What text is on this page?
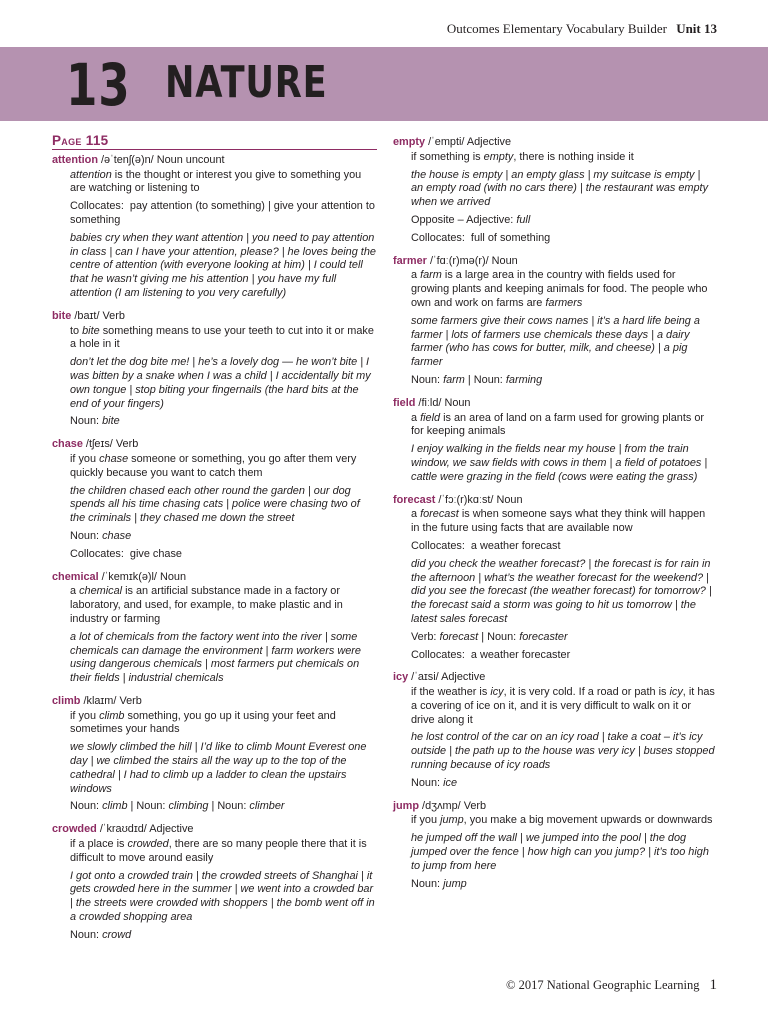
Outcomes Elementary Vocabulary Builder Unit 13
13 NATURE
Page 115
attention /əˈtenʃ(ə)n/ Noun uncount
attention is the thought or interest you give to something you are watching or listening to
Collocates:  pay attention (to something) | give your attention to something
babies cry when they want attention | you need to pay attention in class | can I have your attention, please? | he loves being the centre of attention (with everyone looking at him) | I could tell that he wasn’t giving me his attention | you have my full attention (I am listening to you very carefully)
bite /baɪt/ Verb
to bite something means to use your teeth to cut into it or make a hole in it
don’t let the dog bite me! | he’s a lovely dog — he won’t bite | I was bitten by a snake when I was a child | I accidentally bit my own tongue | stop biting your fingernails (the hard bits at the end of your fingers)
Noun: bite
chase /tʃeɪs/ Verb
if you chase someone or something, you go after them very quickly because you want to catch them
the children chased each other round the garden | our dog spends all his time chasing cats | police were chasing two of the criminals | they chased me down the street
Noun: chase
Collocates:  give chase
chemical /ˈkemɪk(ə)l/ Noun
a chemical is an artificial substance made in a factory or laboratory, and used, for example, to make plastic and in industry or farming
a lot of chemicals from the factory went into the river | some chemicals can damage the environment | farm workers were using dangerous chemicals | most farmers put chemicals on their fields | industrial chemicals
climb /klaɪm/ Verb
if you climb something, you go up it using your feet and sometimes your hands
we slowly climbed the hill | I’d like to climb Mount Everest one day | we climbed the stairs all the way up to the top of the cathedral | I had to climb up a ladder to clean the upstairs windows
Noun: climb | Noun: climbing | Noun: climber
crowded /ˈkraʊdɪd/ Adjective
if a place is crowded, there are so many people there that it is difficult to move around easily
I got onto a crowded train | the crowded streets of Shanghai | it gets crowded here in the summer | we went into a crowded bar | the streets were crowded with shoppers | the bomb went off in a crowded shopping area
Noun: crowd
empty /ˈempti/ Adjective
if something is empty, there is nothing inside it
the house is empty | an empty glass | my suitcase is empty | an empty road (with no cars there) | the restaurant was empty when we arrived
Opposite – Adjective: full
Collocates:  full of something
farmer /ˈfɑː(r)mə(r)/ Noun
a farm is a large area in the country with fields used for growing plants and keeping animals for food. The people who own and work on farms are farmers
some farmers give their cows names | it’s a hard life being a farmer | lots of farmers use chemicals these days | a dairy farmer (who has cows for butter, milk, and cheese) | a pig farmer
Noun: farm | Noun: farming
field /fiːld/ Noun
a field is an area of land on a farm used for growing plants or for keeping animals
I enjoy walking in the fields near my house | from the train window, we saw fields with cows in them | a field of potatoes | cattle were grazing in the field (cows were eating the grass)
forecast /ˈfɔː(r)kɑːst/ Noun
a forecast is when someone says what they think will happen in the future using facts that are available now
Collocates:  a weather forecast
did you check the weather forecast? | the forecast is for rain in the afternoon | what’s the weather forecast for the weekend? | did you see the forecast (the weather forecast) for tomorrow? | the forecast said a storm was going to hit us tomorrow | the latest sales forecast
Verb: forecast | Noun: forecaster
Collocates:  a weather forecaster
icy /ˈaɪsi/ Adjective
if the weather is icy, it is very cold. If a road or path is icy, it has a covering of ice on it, and it is very difficult to walk on it or drive along it
he lost control of the car on an icy road | take a coat – it’s icy outside | the path up to the house was very icy | buses stopped running because of icy roads
Noun: ice
jump /dʒʌmp/ Verb
if you jump, you make a big movement upwards or downwards
he jumped off the wall | we jumped into the pool | the dog jumped over the fence | how high can you jump? | it’s too high to jump from here
Noun: jump
© 2017 National Geographic Learning 1
